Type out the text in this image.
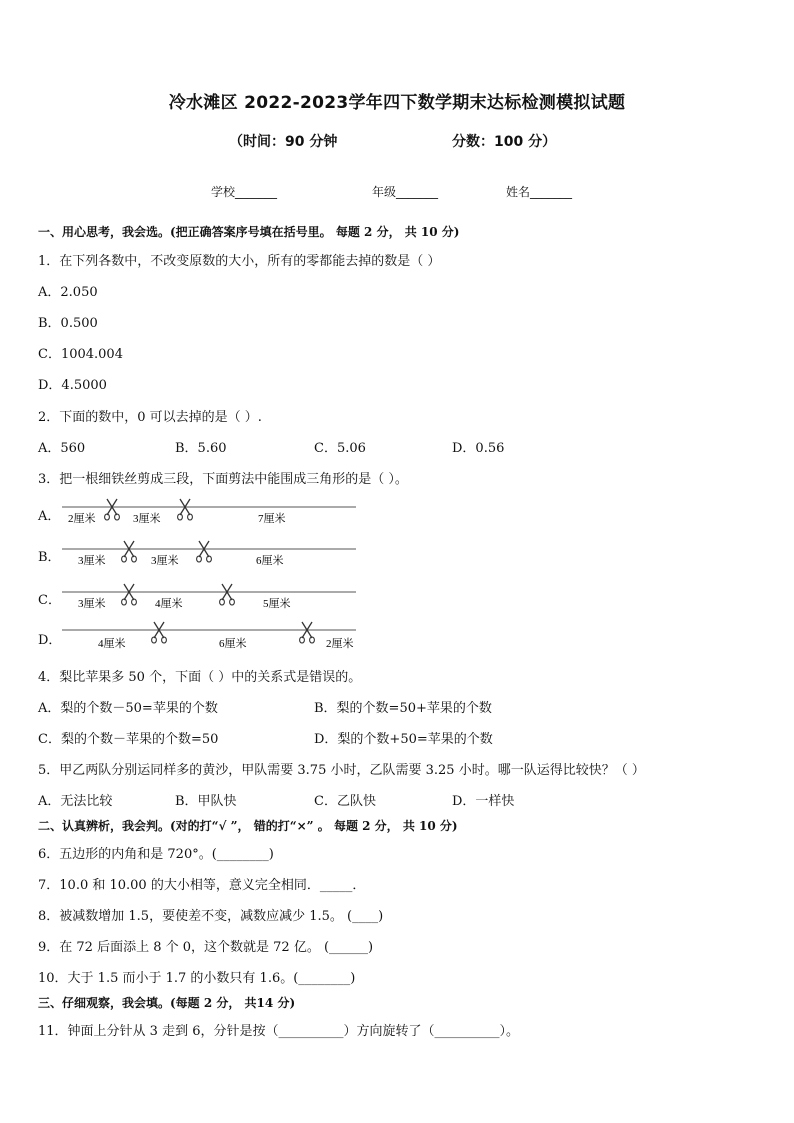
冷水滩区 2022-2023学年四下数学期末达标检测模拟试题
（时间：90 分钟	分数：100 分）
学校_______	年级_______	姓名_______
一、用心思考，我会选。(把正确答案序号填在括号里。 每题 2 分， 共 10 分)
1．在下列各数中，不改变原数的大小，所有的零都能去掉的数是（ ）
A．2.050
B．0.500
C．1004.004
D．4.5000
2．下面的数中，0 可以去掉的是（ ）.
A．560	B．5.60	C．5.06	D．0.56
3．把一根细铁丝剪成三段，下面剪法中能围成三角形的是（ ）。
A．
B．
C．
D．
2厘米	3厘米	7厘米
3厘米	3厘米	6厘米
3厘米	4厘米	5厘米
4厘米	6厘米	2厘米
4．梨比苹果多 50 个，下面（ ）中的关系式是错误的。
A．梨的个数－50=苹果的个数	B．梨的个数=50+苹果的个数
C．梨的个数－苹果的个数=50	D．梨的个数+50=苹果的个数
5．甲乙两队分别运同样多的黄沙，甲队需要 3.75 小时，乙队需要 3.25 小时。哪一队运得比较快？（ ）
A．无法比较	B．甲队快	C．乙队快	D．一样快
二、认真辨析，我会判。(对的打“√ ”， 错的打“×” 。 每题 2 分， 共 10 分)
6．五边形的内角和是 720°。(________)
7．10.0 和 10.00 的大小相等，意义完全相同．_____．
8．被减数增加 1.5，要使差不变，减数应减少 1.5。 (____)
9．在 72 后面添上 8 个 0，这个数就是 72 亿。 (______)
10．大于 1.5 而小于 1.7 的小数只有 1.6。(________)
三、仔细观察，我会填。(每题 2 分， 共14 分)
11．钟面上分针从 3 走到 6，分针是按（__________）方向旋转了（__________）。
